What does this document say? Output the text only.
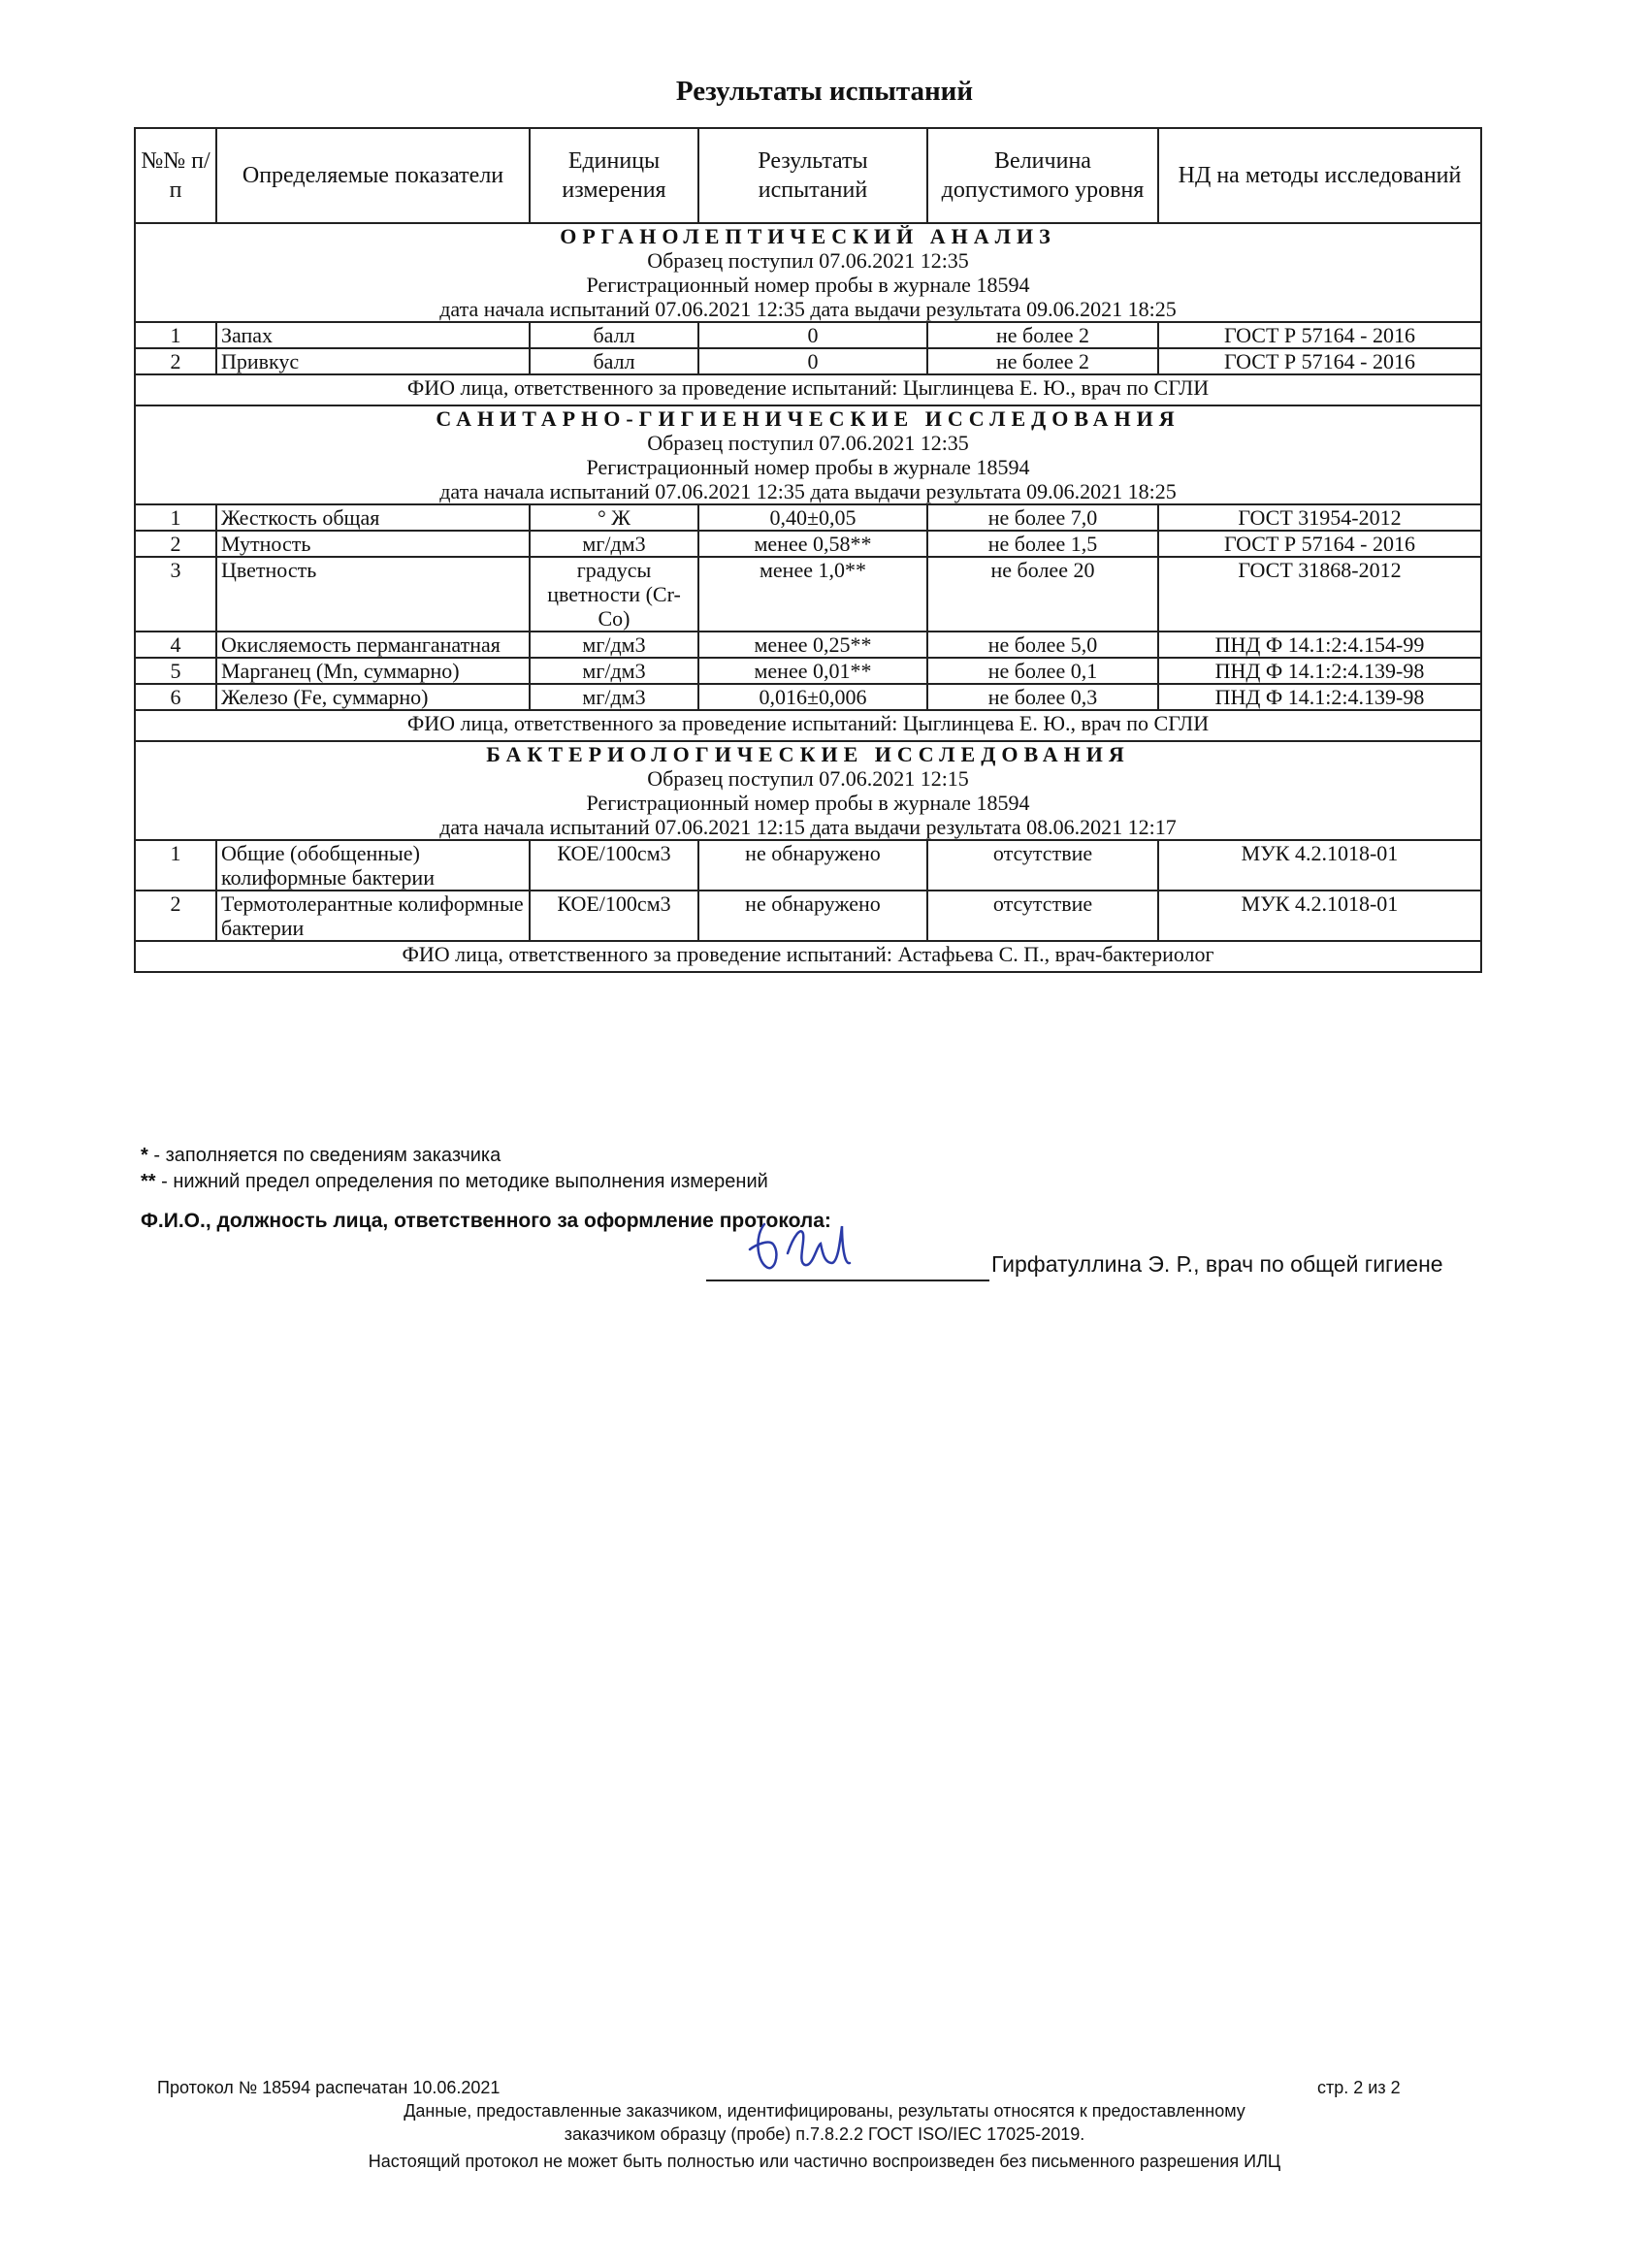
Результаты испытаний
№№ п/п	Определяемые показатели	Единицы измерения	Результаты испытаний	Величина допустимого уровня	НД на методы исследований

ОРГАНОЛЕПТИЧЕСКИЙ АНАЛИЗ
Образец поступил 07.06.2021 12:35
Регистрационный номер пробы в журнале 18594
дата начала испытаний 07.06.2021 12:35 дата выдачи результата 09.06.2021 18:25					

1	Запах	балл	0	не более 2	ГОСТ Р 57164 - 2016
2	Привкус	балл	0	не более 2	ГОСТ Р 57164 - 2016
ФИО лица, ответственного за проведение испытаний: Цыглинцева Е. Ю., врач по СГЛИ					

САНИТАРНО-ГИГИЕНИЧЕСКИЕ ИССЛЕДОВАНИЯ
Образец поступил 07.06.2021 12:35
Регистрационный номер пробы в журнале 18594
дата начала испытаний 07.06.2021 12:35 дата выдачи результата 09.06.2021 18:25					

1	Жесткость общая	° Ж	0,40±0,05	не более 7,0	ГОСТ 31954-2012
2	Мутность	мг/дм3	менее 0,58**	не более 1,5	ГОСТ Р 57164 - 2016
3	Цветность	градусы цветности (Cr-Co)	менее 1,0**	не более 20	ГОСТ 31868-2012
4	Окисляемость перманганатная	мг/дм3	менее 0,25**	не более 5,0	ПНД Ф 14.1:2:4.154-99
5	Марганец (Mn, суммарно)	мг/дм3	менее 0,01**	не более 0,1	ПНД Ф 14.1:2:4.139-98
6	Железо (Fe, суммарно)	мг/дм3	0,016±0,006	не более 0,3	ПНД Ф 14.1:2:4.139-98
ФИО лица, ответственного за проведение испытаний: Цыглинцева Е. Ю., врач по СГЛИ					

БАКТЕРИОЛОГИЧЕСКИЕ ИССЛЕДОВАНИЯ
Образец поступил 07.06.2021 12:15
Регистрационный номер пробы в журнале 18594
дата начала испытаний 07.06.2021 12:15 дата выдачи результата 08.06.2021 12:17					

1	Общие (обобщенные) колиформные бактерии	КОЕ/100см3	не обнаружено	отсутствие	МУК 4.2.1018-01
2	Термотолерантные колиформные бактерии	КОЕ/100см3	не обнаружено	отсутствие	МУК 4.2.1018-01
ФИО лица, ответственного за проведение испытаний: Астафьева С. П., врач-бактериолог					
* - заполняется по сведениям заказчика
** - нижний предел определения по методике выполнения измерений
Ф.И.О., должность лица, ответственного за оформление протокола:
Гирфатуллина Э. Р., врач по общей гигиене
Протокол № 18594 распечатан 10.06.2021	стр. 2 из 2
Данные, предоставленные заказчиком, идентифицированы, результаты относятся к предоставленному
заказчиком образцу (пробе) п.7.8.2.2 ГОСТ ISO/IEC 17025-2019.
Настоящий протокол не может быть полностью или частично воспроизведен без письменного разрешения ИЛЦ
